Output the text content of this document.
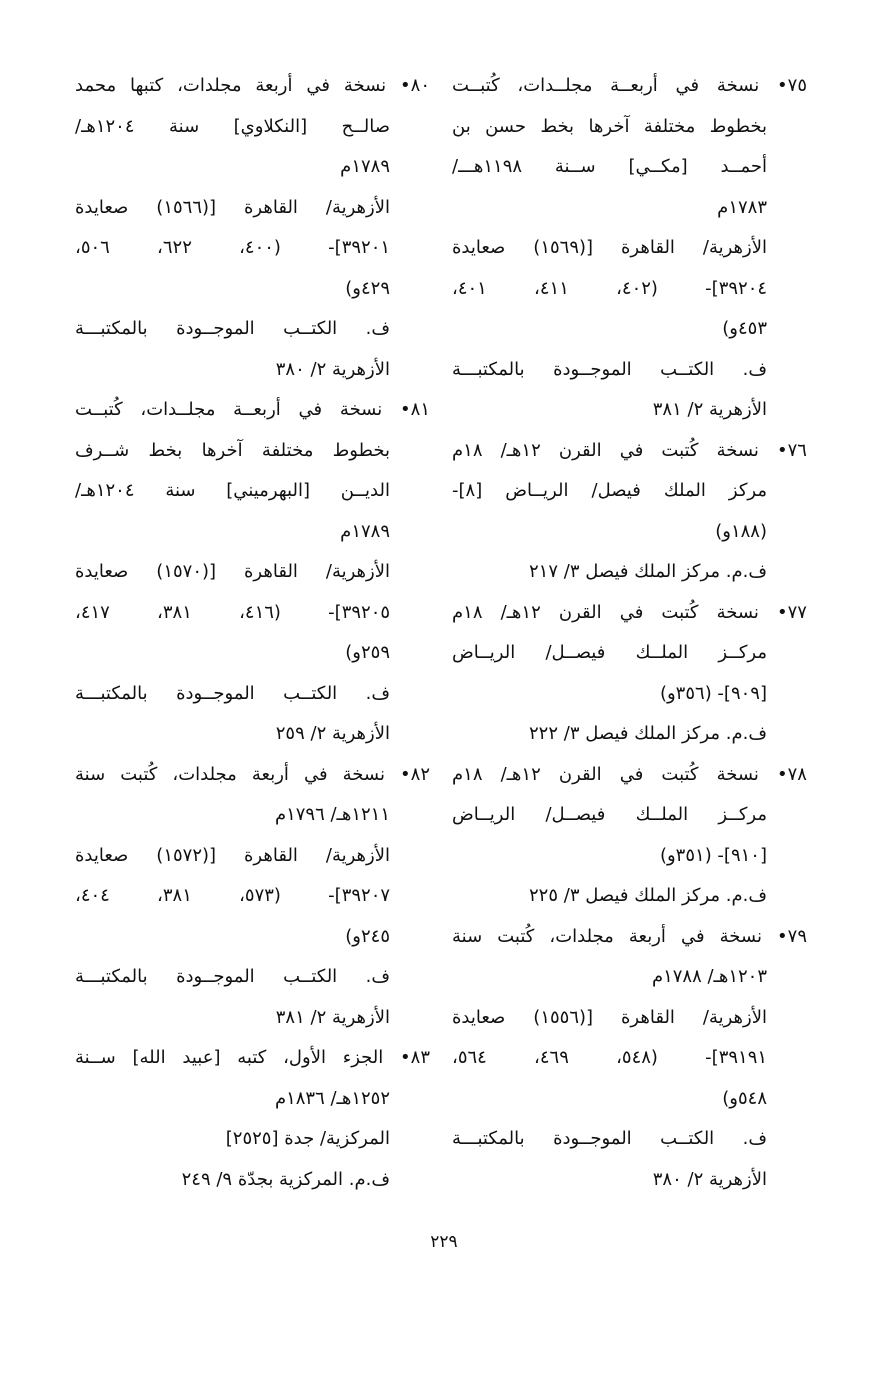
٧٥• نسخة في أربعــة مجلــدات، كُتبــت
بخطوط مختلفة آخرها بخط حسن بن
أحمــد [مكــي] ســنة ١١٩٨هـــ/
١٧٨٣م
الأزهرية/ القاهرة [(١٥٦٩) صعايدة
٣٩٢٠٤]- (٤٠٢، ٤١١، ٤٠١،
٤٥٣و)
ف. الكتــب الموجــودة بالمكتبـــة
الأزهرية ٢/ ٣٨١
٧٦• نسخة كُتبت في القرن ١٢هـ/ ١٨م
مركز الملك فيصل/ الريــاض [٨]-
(١٨٨و)
ف.م. مركز الملك فيصل ٣/ ٢١٧
٧٧• نسخة كُتبت في القرن ١٢هـ/ ١٨م
مركــز الملــك فيصــل/ الريــاض
[٩٠٩]- (٣٥٦و)
ف.م. مركز الملك فيصل ٣/ ٢٢٢
٧٨• نسخة كُتبت في القرن ١٢هـ/ ١٨م
مركــز الملــك فيصــل/ الريــاض
[٩١٠]- (٣٥١و)
ف.م. مركز الملك فيصل ٣/ ٢٢٥
٧٩• نسخة في أربعة مجلدات، كُتبت سنة
١٢٠٣هـ/ ١٧٨٨م
الأزهرية/ القاهرة [(١٥٥٦) صعايدة
٣٩١٩١]- (٥٤٨، ٤٦٩، ٥٦٤،
٥٤٨و)
ف. الكتــب الموجــودة بالمكتبـــة
الأزهرية ٢/ ٣٨٠
٨٠• نسخة في أربعة مجلدات، كتبها محمد
صالــح [النكلاوي] سنة ١٢٠٤هـ/
١٧٨٩م
الأزهرية/ القاهرة [(١٥٦٦) صعايدة
٣٩٢٠١]- (٤٠٠، ٦٢٢، ٥٠٦،
٤٢٩و)
ف. الكتــب الموجــودة بالمكتبـــة
الأزهرية ٢/ ٣٨٠
٨١• نسخة في أربعــة مجلــدات، كُتبــت
بخطوط مختلفة آخرها بخط شــرف
الديــن [البهرميني] سنة ١٢٠٤هـ/
١٧٨٩م
الأزهرية/ القاهرة [(١٥٧٠) صعايدة
٣٩٢٠٥]- (٤١٦، ٣٨١، ٤١٧،
٢٥٩و)
ف. الكتــب الموجــودة بالمكتبـــة
الأزهرية ٢/ ٢٥٩
٨٢• نسخة في أربعة مجلدات، كُتبت سنة
١٢١١هـ/ ١٧٩٦م
الأزهرية/ القاهرة [(١٥٧٢) صعايدة
٣٩٢٠٧]- (٥٧٣، ٣٨١، ٤٠٤،
٢٤٥و)
ف. الكتــب الموجــودة بالمكتبـــة
الأزهرية ٢/ ٣٨١
٨٣• الجزء الأول، كتبه [عبيد الله] ســنة
١٢٥٢هـ/ ١٨٣٦م
المركزية/ جدة [٢٥٢٥]
ف.م. المركزية بجدّة ٩/ ٢٤٩
٢٢٩
